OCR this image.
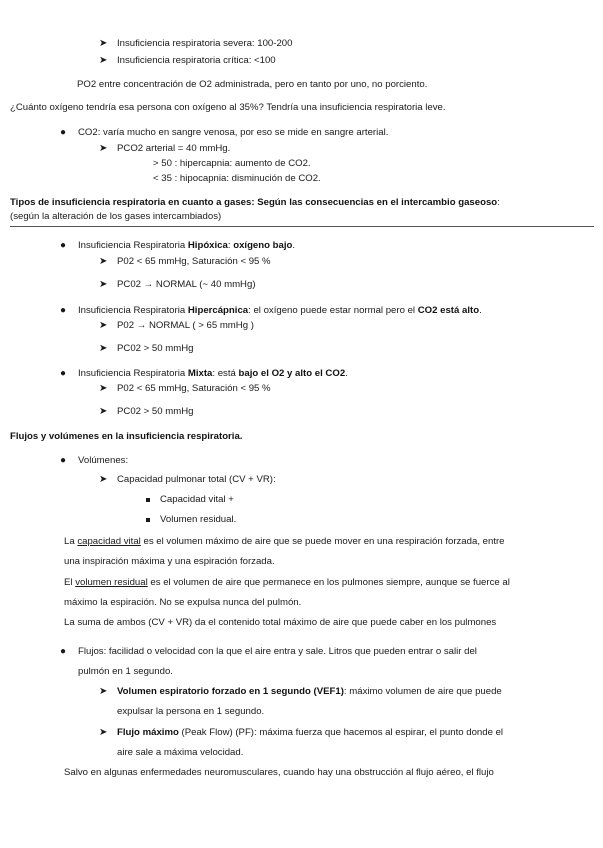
➤ Insuficiencia respiratoria severa: 100-200
➤ Insuficiencia respiratoria crítica: <100
PO2 entre concentración de O2 administrada, pero en tanto por uno, no porciento.
¿Cuánto oxígeno tendría esa persona con oxígeno al 35%? Tendría una insuficiencia respiratoria leve.
● CO2: varía mucho en sangre venosa, por eso se mide en sangre arterial.
➤ PCO2 arterial = 40 mmHg.
> 50 : hipercapnia: aumento de CO2.
< 35 : hipocapnia: disminución de CO2.
Tipos de insuficiencia respiratoria en cuanto a gases: Según las consecuencias en el intercambio gaseoso:
(según la alteración de los gases intercambiados)
● Insuficiencia Respiratoria Hipóxica: oxígeno bajo.
➤ P02 < 65 mmHg, Saturación < 95 %
➤ PC02 → NORMAL (~ 40 mmHg)
● Insuficiencia Respiratoria Hipercápnica: el oxígeno puede estar normal pero el CO2 está alto.
➤ P02 → NORMAL ( > 65 mmHg )
➤ PC02 > 50 mmHg
● Insuficiencia Respiratoria Mixta: está bajo el O2 y alto el CO2.
➤ P02 < 65 mmHg, Saturación < 95 %
➤ PC02 > 50 mmHg
Flujos y volúmenes en la insuficiencia respiratoria.
● Volúmenes:
➤ Capacidad pulmonar total (CV + VR):
Capacidad vital +
Volumen residual.
La capacidad vital es el volumen máximo de aire que se puede mover en una respiración forzada, entre
una inspiración máxima y una espiración forzada.
El volumen residual es el volumen de aire que permanece en los pulmones siempre, aunque se fuerce al
máximo la espiración. No se expulsa nunca del pulmón.
La suma de ambos (CV + VR) da el contenido total máximo de aire que puede caber en los pulmones
● Flujos: facilidad o velocidad con la que el aire entra y sale. Litros que pueden entrar o salir del
pulmón en 1 segundo.
➤ Volumen espiratorio forzado en 1 segundo (VEF1): máximo volumen de aire que puede
expulsar la persona en 1 segundo.
➤ Flujo máximo (Peak Flow) (PF): máxima fuerza que hacemos al espirar, el punto donde el
aire sale a máxima velocidad.
Salvo en algunas enfermedades neuromusculares, cuando hay una obstrucción al flujo aéreo, el flujo
